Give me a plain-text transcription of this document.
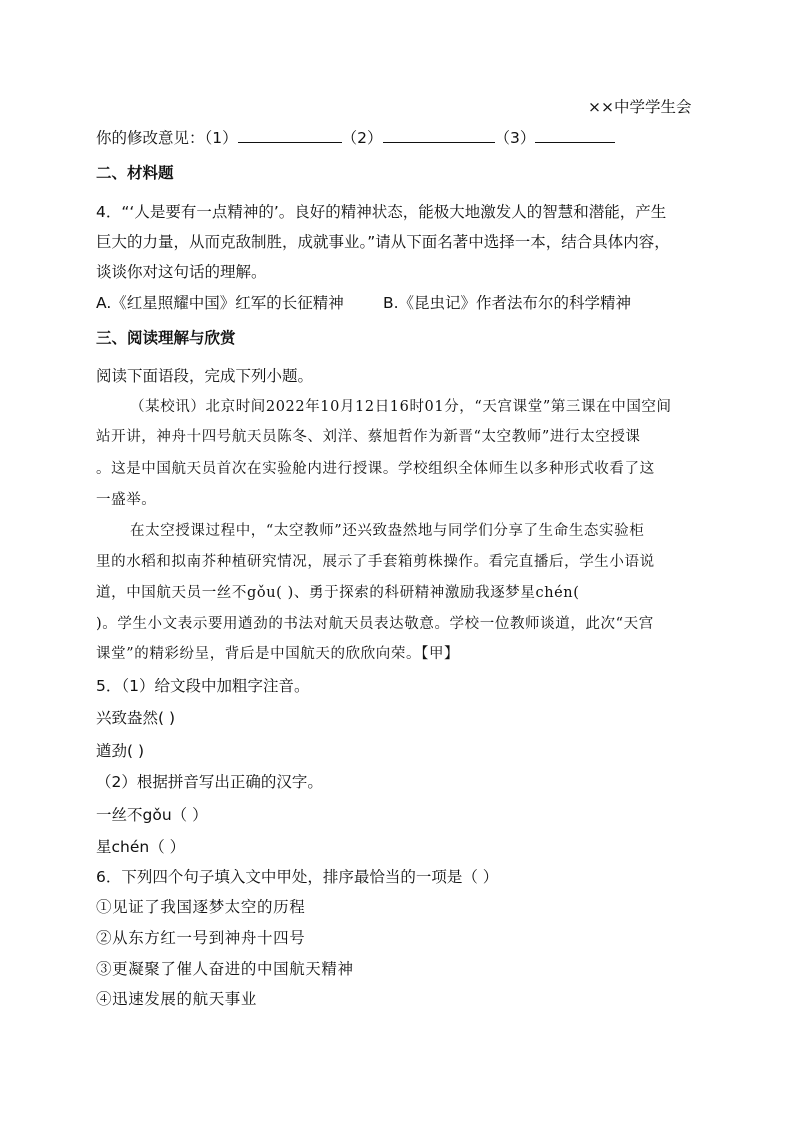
××中学学生会
你的修改意见：（1）	（2）	（3）
二、材料题
4．“‘人是要有一点精神的’。良好的精神状态，能极大地激发人的智慧和潜能，产生
巨大的力量，从而克敌制胜，成就事业。”请从下面名著中选择一本，结合具体内容，
谈谈你对这句话的理解。
A.《红星照耀中国》红军的长征精神	B.《昆虫记》作者法布尔的科学精神
三、阅读理解与欣赏
阅读下面语段，完成下列小题。
（某校讯）北京时间2022年10月12日16时01分，“天宫课堂”第三课在中国空间
站开讲，神舟十四号航天员陈冬、刘洋、蔡旭哲作为新晋“太空教师”进行太空授课
。这是中国航天员首次在实验舱内进行授课。学校组织全体师生以多种形式收看了这
一盛举。
在太空授课过程中，“太空教师”还兴致盎然地与同学们分享了生命生态实验柜
里的水稻和拟南芥种植研究情况，展示了手套箱剪株操作。看完直播后，学生小语说
道，中国航天员一丝不gǒu( )、勇于探索的科研精神激励我逐梦星chén(
)。学生小文表示要用遒劲的书法对航天员表达敬意。学校一位教师谈道，此次“天宫
课堂”的精彩纷呈，背后是中国航天的欣欣向荣。【甲】
5．（1）给文段中加粗字注音。
兴致盎然( )
遒劲( )
（2）根据拼音写出正确的汉字。
一丝不gǒu（ ）
星chén（ ）
6．下列四个句子填入文中甲处，排序最恰当的一项是（ ）
①见证了我国逐梦太空的历程
②从东方红一号到神舟十四号
③更凝聚了催人奋进的中国航天精神
④迅速发展的航天事业
